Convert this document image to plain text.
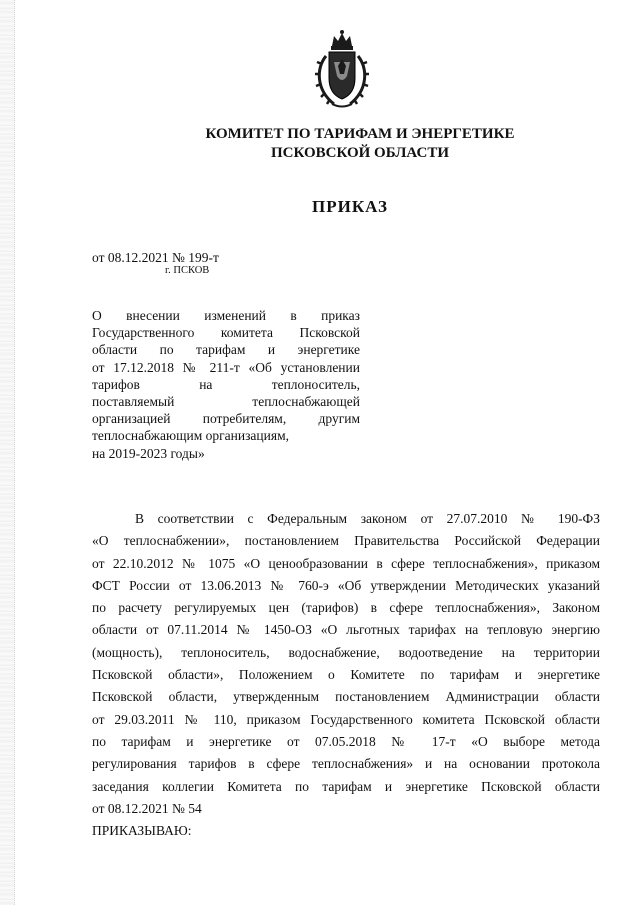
КОМИТЕТ ПО ТАРИФАМ И ЭНЕРГЕТИКЕ
ПСКОВСКОЙ ОБЛАСТИ
ПРИКАЗ
от 08.12.2021 № 199-т
г. ПСКОВ
О внесении изменений в приказ
Государственного комитета Псковской
области по тарифам и энергетике
от 17.12.2018 № 211-т «Об установлении
тарифов	на	теплоноситель,
поставляемый	теплоснабжающей
организацией потребителям, другим
теплоснабжающим организациям,
на 2019-2023 годы»
В соответствии с Федеральным законом от 27.07.2010 № 190-ФЗ
«О теплоснабжении», постановлением Правительства Российской Федерации
от 22.10.2012 № 1075 «О ценообразовании в сфере теплоснабжения», приказом
ФСТ России от 13.06.2013 № 760-э «Об утверждении Методических указаний
по расчету регулируемых цен (тарифов) в сфере теплоснабжения», Законом
области от 07.11.2014 № 1450-ОЗ «О льготных тарифах на тепловую энергию
(мощность), теплоноситель, водоснабжение, водоотведение на территории
Псковской области», Положением о Комитете по тарифам и энергетике
Псковской области, утвержденным постановлением Администрации области
от 29.03.2011 № 110, приказом Государственного комитета Псковской области
по тарифам и энергетике от 07.05.2018 № 17-т «О выборе метода
регулирования тарифов в сфере теплоснабжения» и на основании протокола
заседания коллегии Комитета по тарифам и энергетике Псковской области
от 08.12.2021 № 54
ПРИКАЗЫВАЮ:
